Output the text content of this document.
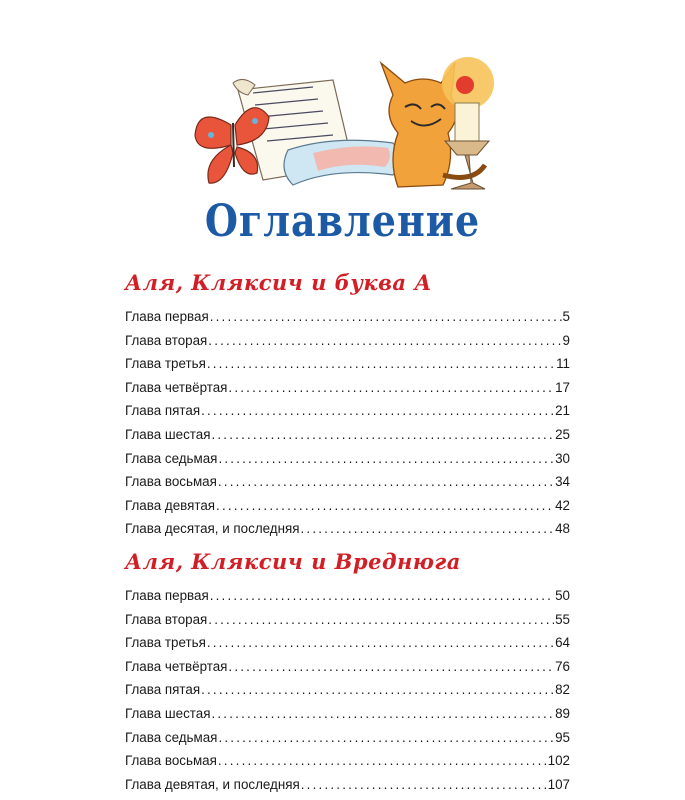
Оглавление
Аля, Кляксич и буква А
Глава первая .....	5
Глава вторая .....	9
Глава третья .....	11
Глава четвёртая .....	17
Глава пятая .....	21
Глава шестая .....	25
Глава седьмая .....	30
Глава восьмая .....	34
Глава девятая .....	42
Глава десятая, и последняя .....	48
Аля, Кляксич и Вреднюга
Глава первая .....	50
Глава вторая .....	55
Глава третья .....	64
Глава четвёртая .....	76
Глава пятая .....	82
Глава шестая .....	89
Глава седьмая .....	95
Глава восьмая .....	102
Глава девятая, и последняя .....	107
